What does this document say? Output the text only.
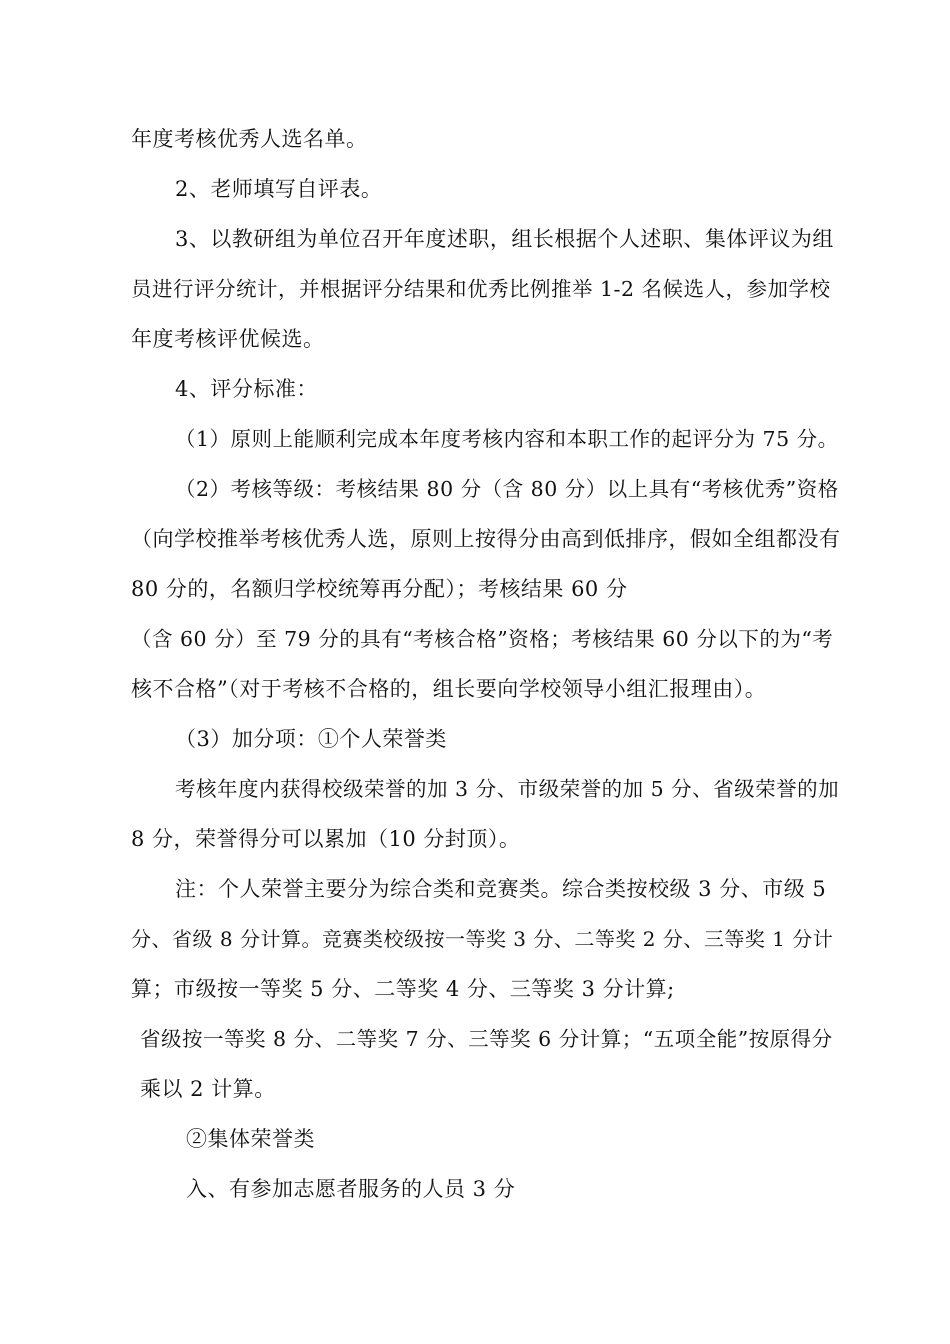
年度考核优秀人选名单。
2、老师填写自评表。
3、以教研组为单位召开年度述职，组长根据个人述职、集体评议为组
员进行评分统计，并根据评分结果和优秀比例推举 1-2 名候选人，参加学校
年度考核评优候选。
4、评分标准：
（1）原则上能顺利完成本年度考核内容和本职工作的起评分为 75 分。
（2）考核等级：考核结果 80 分（含 80 分）以上具有“考核优秀”资格
（向学校推举考核优秀人选，原则上按得分由高到低排序，假如全组都没有
80 分的，名额归学校统筹再分配）；考核结果 60 分
（含 60 分）至 79 分的具有“考核合格”资格；考核结果 60 分以下的为“考
核不合格”（对于考核不合格的，组长要向学校领导小组汇报理由）。
（3）加分项：①个人荣誉类
考核年度内获得校级荣誉的加 3 分、市级荣誉的加 5 分、省级荣誉的加
8 分，荣誉得分可以累加（10 分封顶）。
注：个人荣誉主要分为综合类和竞赛类。综合类按校级 3 分、市级 5
分、省级 8 分计算。竞赛类校级按一等奖 3 分、二等奖 2 分、三等奖 1 分计
算；市级按一等奖 5 分、二等奖 4 分、三等奖 3 分计算;
省级按一等奖 8 分、二等奖 7 分、三等奖 6 分计算；“五项全能”按原得分
乘以 2 计算。
②集体荣誉类
入、有参加志愿者服务的人员 3 分
